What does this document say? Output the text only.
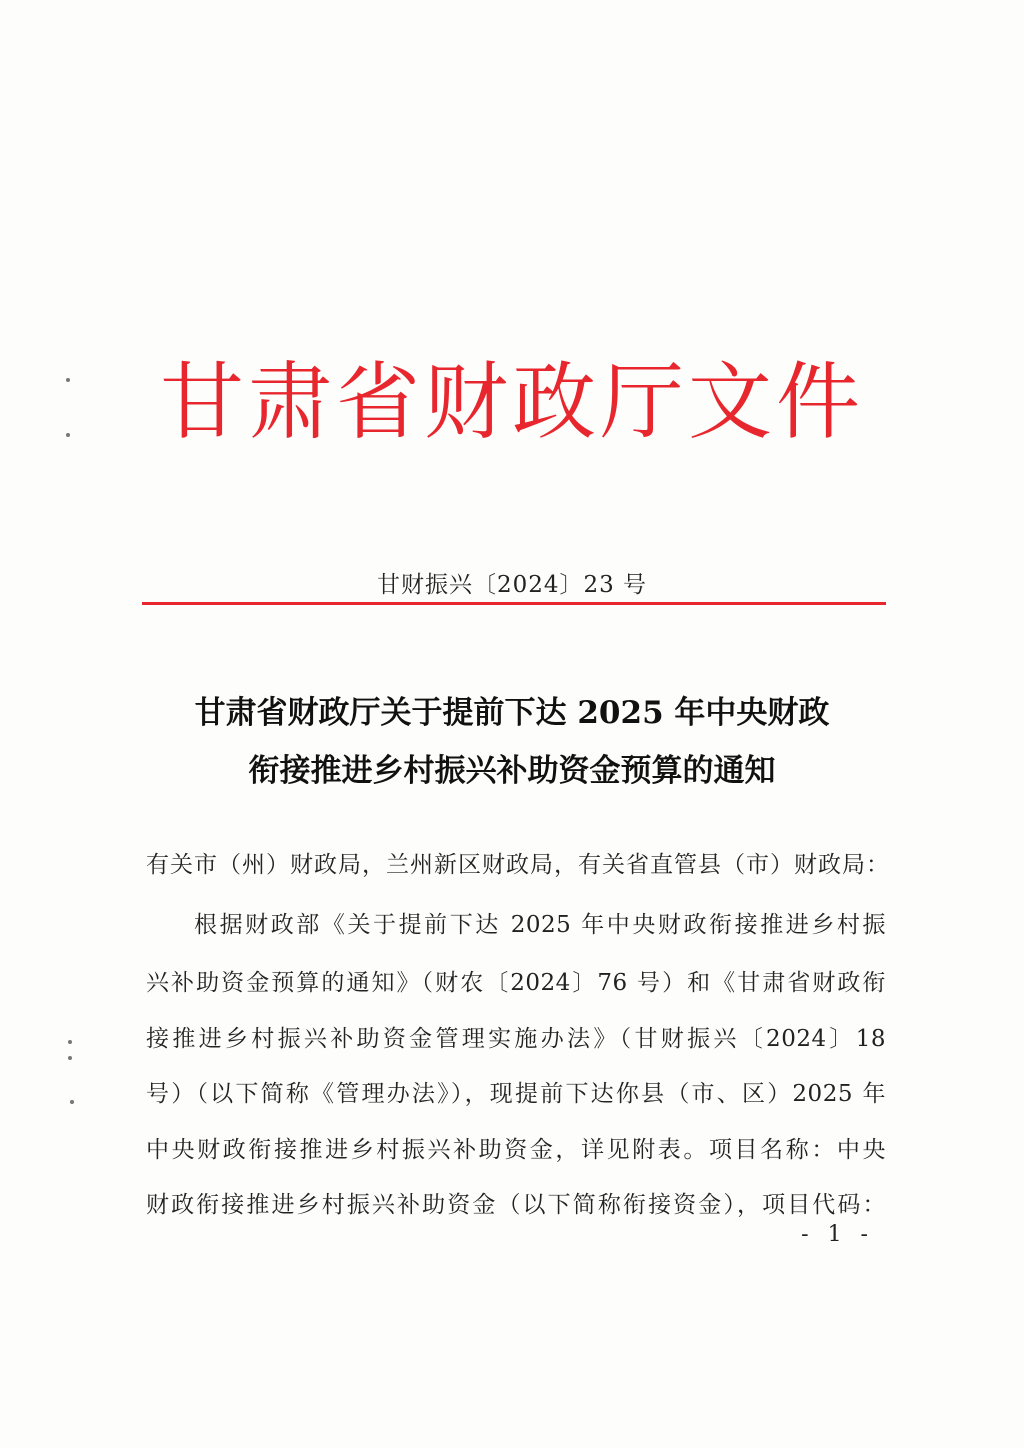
甘肃省财政厅文件
甘财振兴〔2024〕23 号
甘肃省财政厅关于提前下达 2025 年中央财政
衔接推进乡村振兴补助资金预算的通知
有关市（州）财政局，兰州新区财政局，有关省直管县（市）财政局：
根据财政部《关于提前下达 2025 年中央财政衔接推进乡村振
兴补助资金预算的通知》（财农〔2024〕76 号）和《甘肃省财政衔
接推进乡村振兴补助资金管理实施办法》（甘财振兴〔2024〕18
号）（以下简称《管理办法》），现提前下达你县（市、区）2025 年
中央财政衔接推进乡村振兴补助资金，详见附表。项目名称：中央
财政衔接推进乡村振兴补助资金（以下简称衔接资金），项目代码：
- 1 -
